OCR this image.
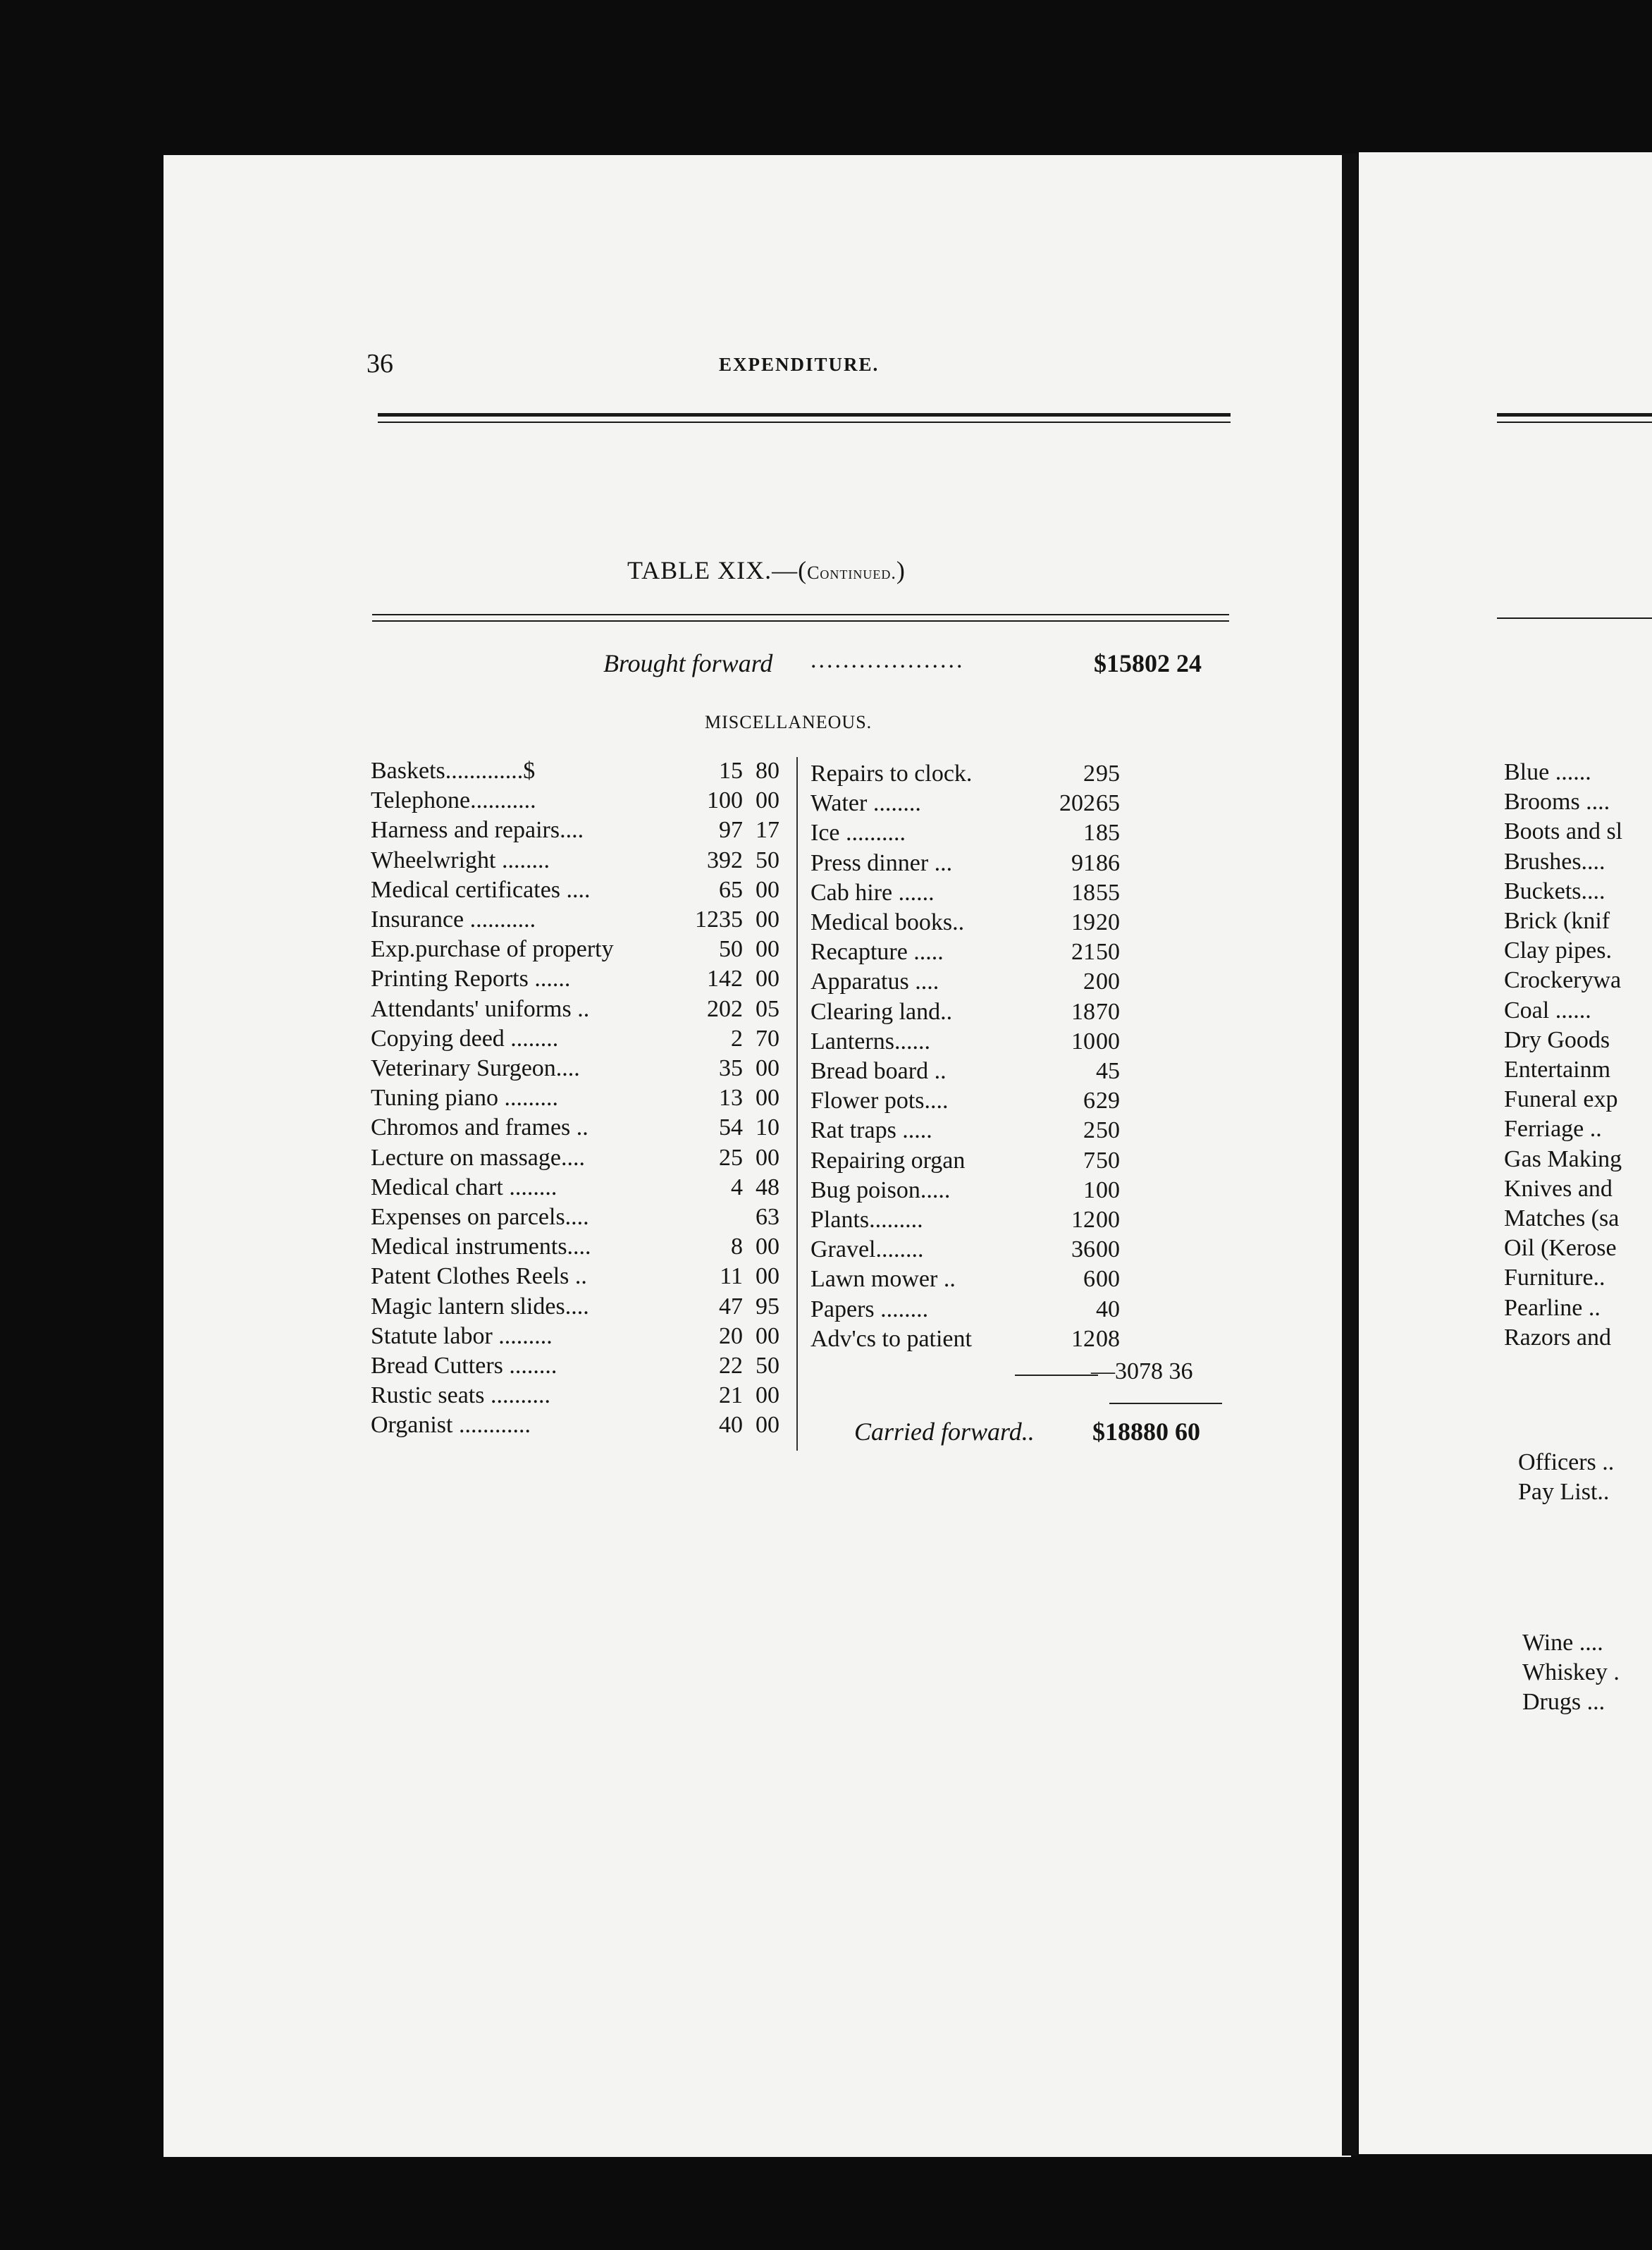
36	EXPENDITURE.
TABLE XIX.—(Continued.)
Brought forward ...................	$15802 24
MISCELLANEOUS.
Baskets.............$	15 80
Telephone...........	100 00
Harness and repairs....	97 17
Wheelwright ........	392 50
Medical certificates ....	65 00
Insurance ...........	1235 00
Exp.purchase of property	50 00
Printing Reports ......	142 00
Attendants' uniforms ..	202 05
Copying deed ........	2 70
Veterinary Surgeon....	35 00
Tuning piano .........	13 00
Chromos and frames ..	54 10
Lecture on massage....	25 00
Medical chart ........	4 48
Expenses on parcels....	63
Medical instruments....	8 00
Patent Clothes Reels ..	11 00
Magic lantern slides....	47 95
Statute labor .........	20 00
Bread Cutters ........	22 50
Rustic seats ..........	21 00
Organist ............	40 00
Repairs to clock.	2 95
Water ........	202 65
Ice ..........	1 85
Press dinner ...	91 86
Cab hire ......	18 55
Medical books..	19 20
Recapture .....	21 50
Apparatus ....	2 00
Clearing land..	18 70
Lanterns......	10 00
Bread board ..	45
Flower pots....	6 29
Rat traps .....	2 50
Repairing organ	7 50
Bug poison.....	1 00
Plants.........	12 00
Gravel........	36 00
Lawn mower ..	6 00
Papers ........	40
Adv'cs to patient	12 08
—3078 36
Carried forward.. $18880 60
Blue ......
Brooms ....
Boots and sl
Brushes....
Buckets....
Brick (knif
Clay pipes.
Crockerywa
Coal ......
Dry Goods
Entertainm
Funeral exp
Ferriage ..
Gas Making
Knives and
Matches (sa
Oil (Kerose
Furniture..
Pearline ..
Razors and
Officers ..
Pay List..
Wine ....
Whiskey .
Drugs ...
